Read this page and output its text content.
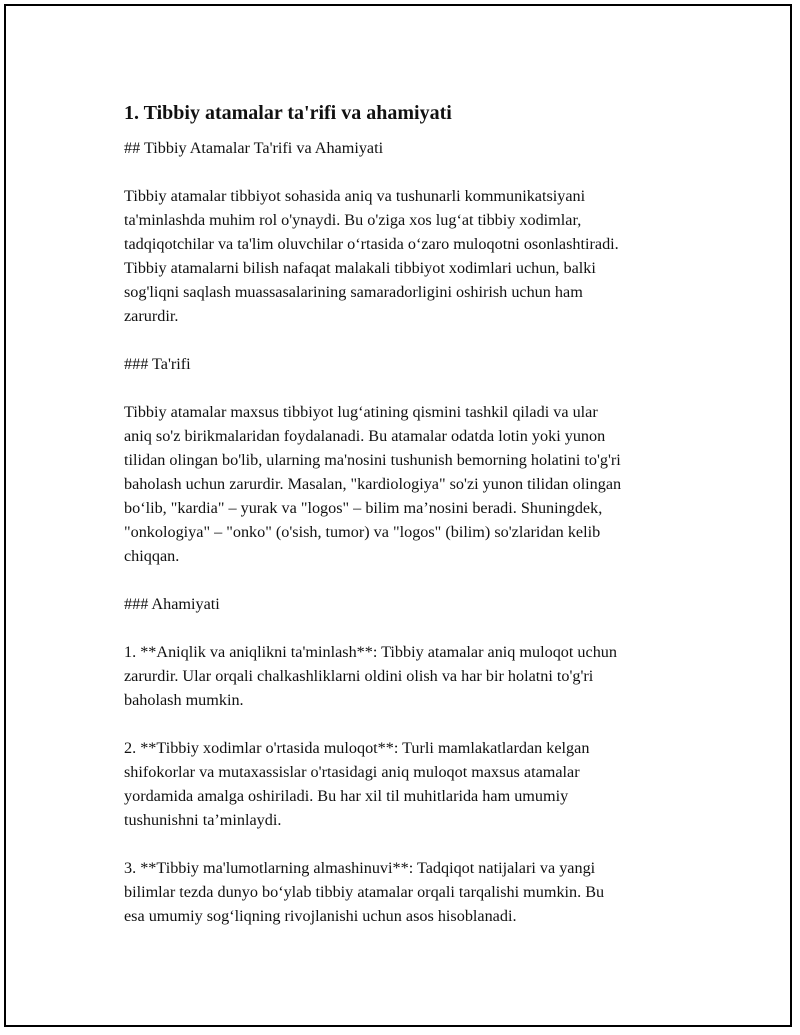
1. Tibbiy atamalar ta'rifi va ahamiyati

## Tibbiy Atamalar Ta'rifi va Ahamiyati

Tibbiy atamalar tibbiyot sohasida aniq va tushunarli kommunikatsiyani

ta'minlashda muhim rol o'ynaydi. Bu o'ziga xos lug‘at tibbiy xodimlar,

tadqiqotchilar va ta'lim oluvchilar o‘rtasida o‘zaro muloqotni osonlashtiradi.

Tibbiy atamalarni bilish nafaqat malakali tibbiyot xodimlari uchun, balki

sog'liqni saqlash muassasalarining samaradorligini oshirish uchun ham

zarurdir.

### Ta'rifi

Tibbiy atamalar maxsus tibbiyot lug‘atining qismini tashkil qiladi va ular

aniq so'z birikmalaridan foydalanadi. Bu atamalar odatda lotin yoki yunon

tilidan olingan bo'lib, ularning ma'nosini tushunish bemorning holatini to'g'ri

baholash uchun zarurdir. Masalan, "kardiologiya" so'zi yunon tilidan olingan

bo‘lib, "kardia" – yurak va "logos" – bilim ma’nosini beradi. Shuningdek,

"onkologiya" – "onko" (o'sish, tumor) va "logos" (bilim) so'zlaridan kelib

chiqqan.

### Ahamiyati

1. **Aniqlik va aniqlikni ta'minlash**: Tibbiy atamalar aniq muloqot uchun

zarurdir. Ular orqali chalkashliklarni oldini olish va har bir holatni to'g'ri

baholash mumkin.

2. **Tibbiy xodimlar o'rtasida muloqot**: Turli mamlakatlardan kelgan

shifokorlar va mutaxassislar o'rtasidagi aniq muloqot maxsus atamalar

yordamida amalga oshiriladi. Bu har xil til muhitlarida ham umumiy

tushunishni ta’minlaydi.

3. **Tibbiy ma'lumotlarning almashinuvi**: Tadqiqot natijalari va yangi

bilimlar tezda dunyo bo‘ylab tibbiy atamalar orqali tarqalishi mumkin. Bu

esa umumiy sog‘liqning rivojlanishi uchun asos hisoblanadi.
